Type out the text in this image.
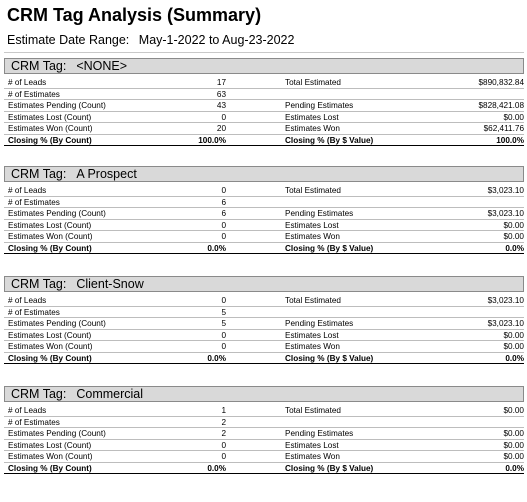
CRM Tag Analysis (Summary)
Estimate Date Range: May-1-2022 to Aug-23-2022
CRM Tag: <NONE>
# of Leads	17	Total Estimated	$890,832.84
# of Estimates	63
Estimates Pending (Count)	43	Pending Estimates	$828,421.08
Estimates Lost (Count)	0	Estimates Lost	$0.00
Estimates Won (Count)	20	Estimates Won	$62,411.76
Closing % (By Count)	100.0%	Closing % (By $ Value)	100.0%
CRM Tag: A Prospect
# of Leads	0	Total Estimated	$3,023.10
# of Estimates	6
Estimates Pending (Count)	6	Pending Estimates	$3,023.10
Estimates Lost (Count)	0	Estimates Lost	$0.00
Estimates Won (Count)	0	Estimates Won	$0.00
Closing % (By Count)	0.0%	Closing % (By $ Value)	0.0%
CRM Tag: Client-Snow
# of Leads	0	Total Estimated	$3,023.10
# of Estimates	5
Estimates Pending (Count)	5	Pending Estimates	$3,023.10
Estimates Lost (Count)	0	Estimates Lost	$0.00
Estimates Won (Count)	0	Estimates Won	$0.00
Closing % (By Count)	0.0%	Closing % (By $ Value)	0.0%
CRM Tag: Commercial
# of Leads	1	Total Estimated	$0.00
# of Estimates	2
Estimates Pending (Count)	2	Pending Estimates	$0.00
Estimates Lost (Count)	0	Estimates Lost	$0.00
Estimates Won (Count)	0	Estimates Won	$0.00
Closing % (By Count)	0.0%	Closing % (By $ Value)	0.0%
